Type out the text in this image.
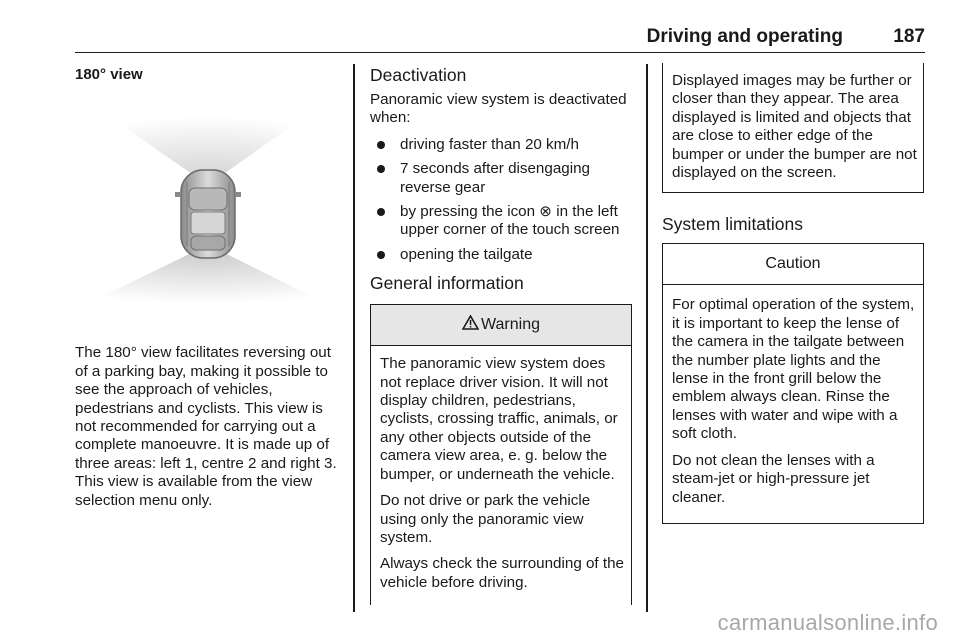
Driving and operating	187
180° view

The 180° view facilitates reversing out of a parking bay, making it possible to see the approach of vehicles, pedestrians and cyclists. This view is not recommended for carrying out a complete manoeuvre. It is made up of three areas: left 1, centre 2 and right 3. This view is available from the view selection menu only.

Deactivation

Panoramic view system is deactivated when:

driving faster than 20 km/h
7 seconds after disengaging reverse gear
by pressing the icon ⊗ in the left upper corner of the touch screen
opening the tailgate
General information
Warning

The panoramic view system does not replace driver vision. It will not display children, pedestrians, cyclists, crossing traffic, animals, or any other objects outside of the camera view area, e. g. below the bumper, or underneath the vehicle.

Do not drive or park the vehicle using only the panoramic view system.

Always check the surrounding of the vehicle before driving.

Displayed images may be further or closer than they appear. The area displayed is limited and objects that are close to either edge of the bumper or under the bumper are not displayed on the screen.

System limitations
Caution

For optimal operation of the system, it is important to keep the lense of the camera in the tailgate between the number plate lights and the lense in the front grill below the emblem always clean. Rinse the lenses with water and wipe with a soft cloth.

Do not clean the lenses with a steam-jet or high-pressure jet cleaner.

carmanualsonline.info
